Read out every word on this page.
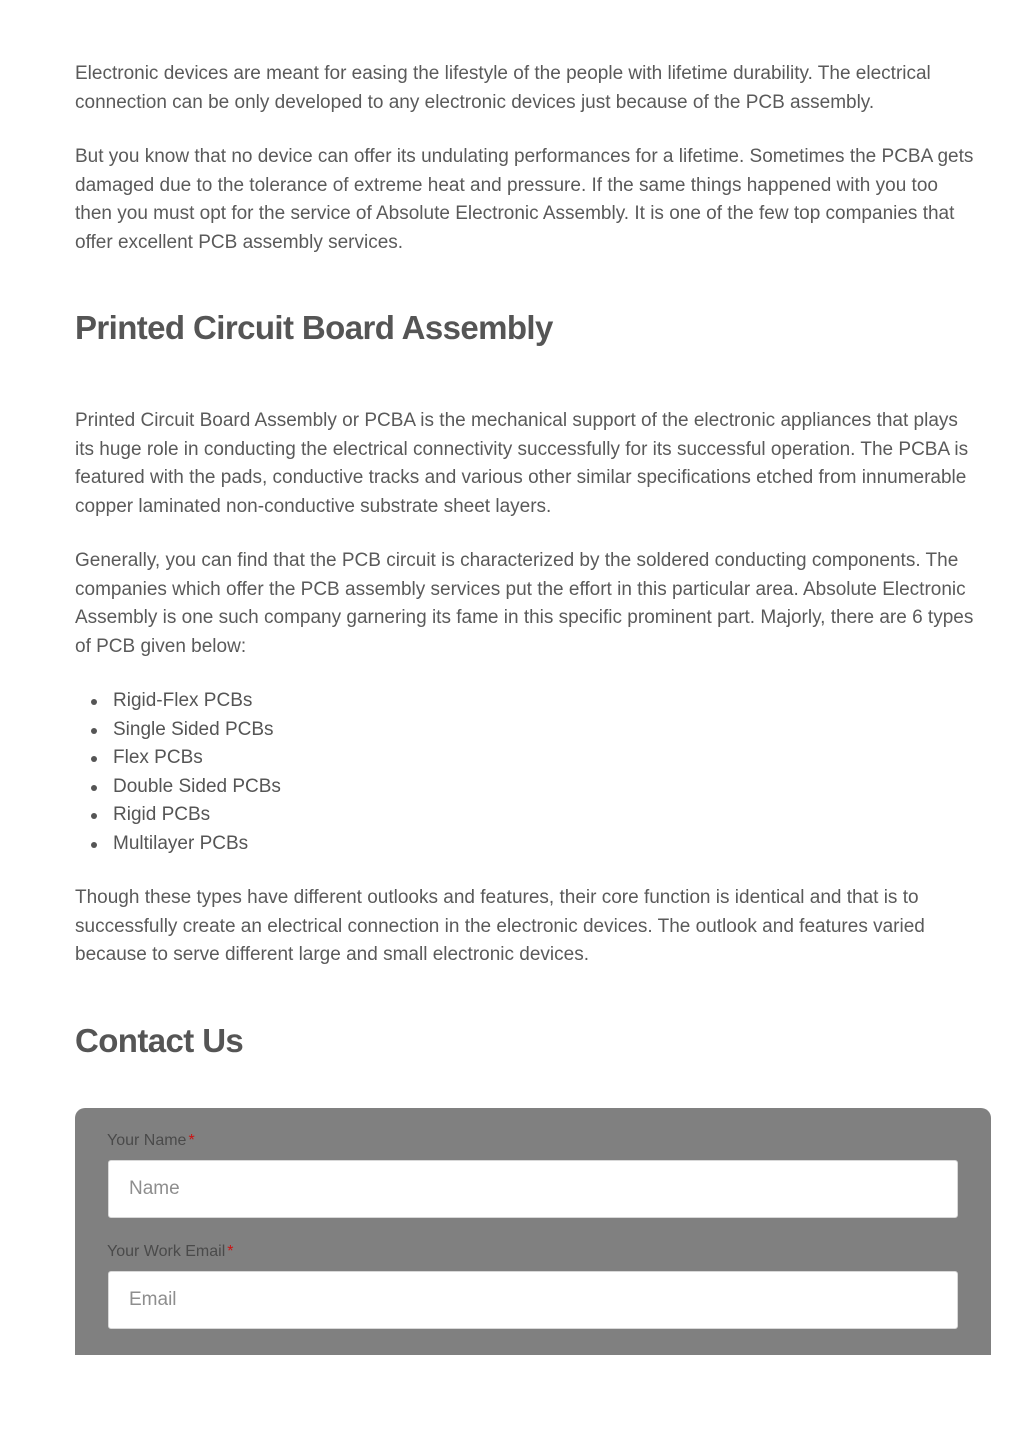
Electronic devices are meant for easing the lifestyle of the people with lifetime durability. The electrical connection can be only developed to any electronic devices just because of the PCB assembly.

But you know that no device can offer its undulating performances for a lifetime. Sometimes the PCBA gets damaged due to the tolerance of extreme heat and pressure. If the same things happened with you too then you must opt for the service of Absolute Electronic Assembly. It is one of the few top companies that offer excellent PCB assembly services.

Printed Circuit Board Assembly

Printed Circuit Board Assembly or PCBA is the mechanical support of the electronic appliances that plays its huge role in conducting the electrical connectivity successfully for its successful operation. The PCBA is featured with the pads, conductive tracks and various other similar specifications etched from innumerable copper laminated non-conductive substrate sheet layers.

Generally, you can find that the PCB circuit is characterized by the soldered conducting components. The companies which offer the PCB assembly services put the effort in this particular area. Absolute Electronic Assembly is one such company garnering its fame in this specific prominent part. Majorly, there are 6 types of PCB given below:

Rigid-Flex PCBs
Single Sided PCBs
Flex PCBs
Double Sided PCBs
Rigid PCBs
Multilayer PCBs

Though these types have different outlooks and features, their core function is identical and that is to successfully create an electrical connection in the electronic devices. The outlook and features varied because to serve different large and small electronic devices.

Contact Us
Your Name *
Name
Your Work Email *
Email
